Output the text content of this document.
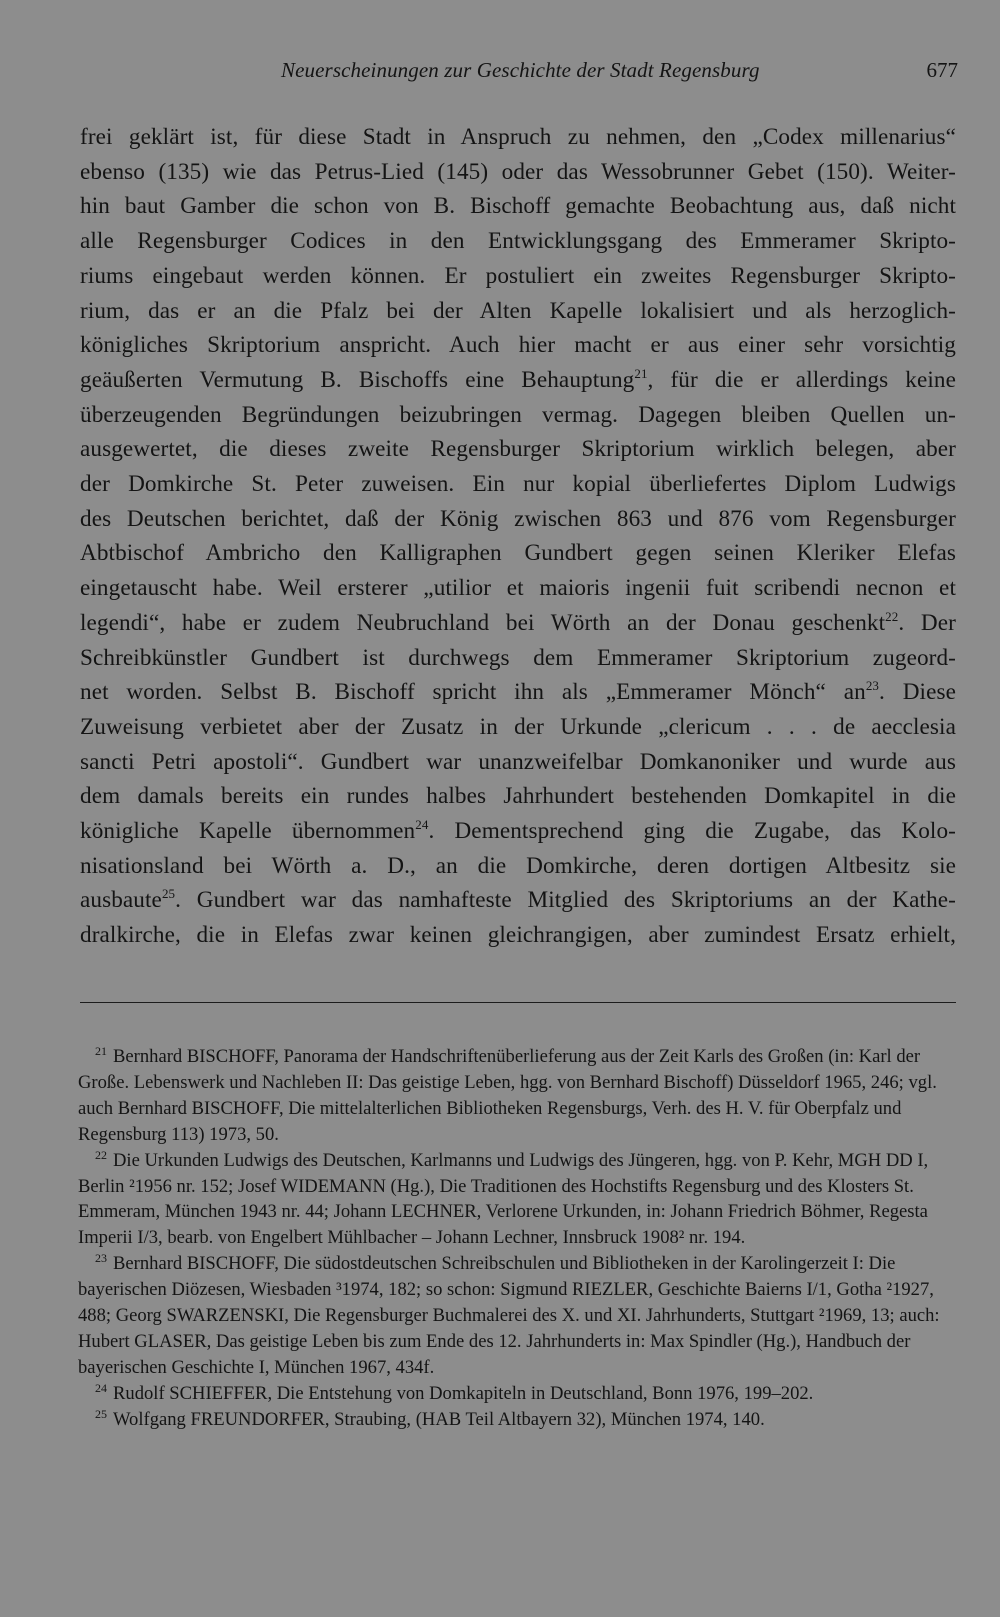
Neuerscheinungen zur Geschichte der Stadt Regensburg	677
frei geklärt ist, für diese Stadt in Anspruch zu nehmen, den „Codex millenarius“
ebenso (135) wie das Petrus-Lied (145) oder das Wessobrunner Gebet (150). Weiter-
hin baut Gamber die schon von B. Bischoff gemachte Beobachtung aus, daß nicht
alle Regensburger Codices in den Entwicklungsgang des Emmeramer Skripto-
riums eingebaut werden können. Er postuliert ein zweites Regensburger Skripto-
rium, das er an die Pfalz bei der Alten Kapelle lokalisiert und als herzoglich-
königliches Skriptorium anspricht. Auch hier macht er aus einer sehr vorsichtig
geäußerten Vermutung B. Bischoffs eine Behauptung$^{21}$, für die er allerdings keine
überzeugenden Begründungen beizubringen vermag. Dagegen bleiben Quellen un-
ausgewertet, die dieses zweite Regensburger Skriptorium wirklich belegen, aber
der Domkirche St. Peter zuweisen. Ein nur kopial überliefertes Diplom Ludwigs
des Deutschen berichtet, daß der König zwischen 863 und 876 vom Regensburger
Abtbischof Ambricho den Kalligraphen Gundbert gegen seinen Kleriker Elefas
eingetauscht habe. Weil ersterer „utilior et maioris ingenii fuit scribendi necnon et
legendi“, habe er zudem Neubruchland bei Wörth an der Donau geschenkt$^{22}$. Der
Schreibkünstler Gundbert ist durchwegs dem Emmeramer Skriptorium zugeord-
net worden. Selbst B. Bischoff spricht ihn als „Emmeramer Mönch“ $an^{23}$. Diese
Zuweisung verbietet aber der Zusatz in der Urkunde „clericum . . . de aecclesia
sancti Petri apostoli“. Gundbert war unanzweifelbar Domkanoniker und wurde aus
dem damals bereits ein rundes halbes Jahrhundert bestehenden Domkapitel in die
königliche Kapelle übernommen$^{24}$. Dementsprechend ging die Zugabe, das Kolo-
nisationsland bei Wörth a. D., an die Domkirche, deren dortigen Altbesitz sie
ausbaute$^{25}$. Gundbert war das namhafteste Mitglied des Skriptoriums an der Kathe-
dralkirche, die in Elefas zwar keinen gleichrangigen, aber zumindest Ersatz erhielt,
21 Bernhard BISCHOFF, Panorama der Handschriftenüberlieferung aus der Zeit Karls des Großen (in: Karl der Große. Lebenswerk und Nachleben II: Das geistige Leben, hgg. von Bernhard Bischoff) Düsseldorf 1965, 246; vgl. auch Bernhard BISCHOFF, Die mittelalterlichen Bibliotheken Regensburgs, Verh. des H. V. für Oberpfalz und Regensburg 113) 1973, 50.
22 Die Urkunden Ludwigs des Deutschen, Karlmanns und Ludwigs des Jüngeren, hgg. von P. Kehr, MGH DD I, Berlin ²1956 nr. 152; Josef WIDEMANN (Hg.), Die Traditionen des Hochstifts Regensburg und des Klosters St. Emmeram, München 1943 nr. 44; Johann LECHNER, Verlorene Urkunden, in: Johann Friedrich Böhmer, Regesta Imperii I/3, bearb. von Engelbert Mühlbacher – Johann Lechner, Innsbruck 1908² nr. 194.
23 Bernhard BISCHOFF, Die südostdeutschen Schreibschulen und Bibliotheken in der Karolingerzeit I: Die bayerischen Diözesen, Wiesbaden ³1974, 182; so schon: Sigmund RIEZLER, Geschichte Baierns I/1, Gotha ²1927, 488; Georg SWARZENSKI, Die Regensburger Buchmalerei des X. und XI. Jahrhunderts, Stuttgart ²1969, 13; auch: Hubert GLASER, Das geistige Leben bis zum Ende des 12. Jahrhunderts in: Max Spindler (Hg.), Handbuch der bayerischen Geschichte I, München 1967, 434f.
24 Rudolf SCHIEFFER, Die Entstehung von Domkapiteln in Deutschland, Bonn 1976, 199–202.
25 Wolfgang FREUNDORFER, Straubing, (HAB Teil Altbayern 32), München 1974, 140.
